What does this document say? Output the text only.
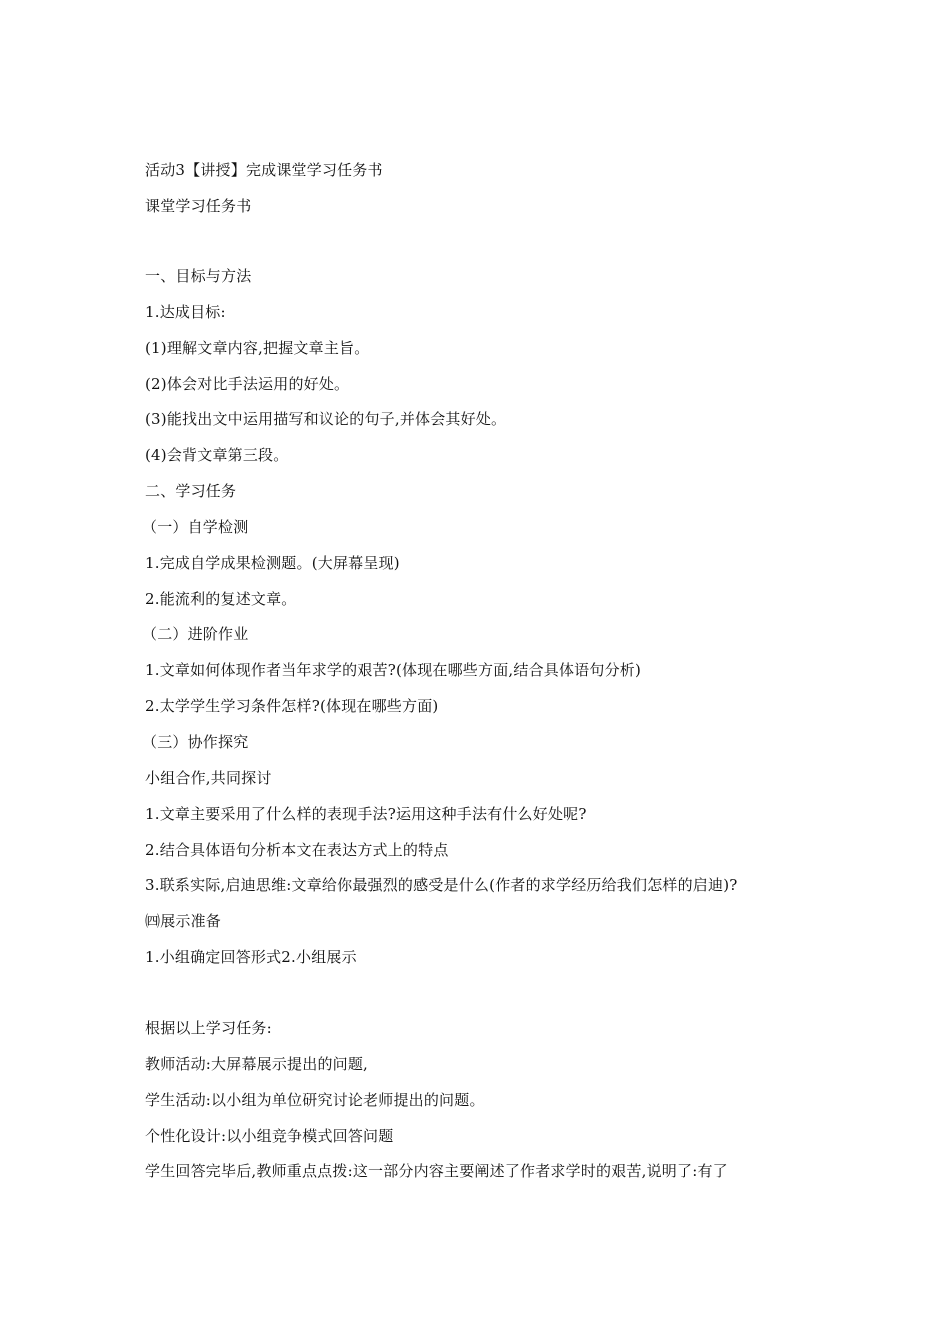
活动3【讲授】完成课堂学习任务书
课堂学习任务书
一、目标与方法
1.达成目标:
(1)理解文章内容,把握文章主旨。
(2)体会对比手法运用的好处。
(3)能找出文中运用描写和议论的句子,并体会其好处。
(4)会背文章第三段。
二、学习任务
（一）自学检测
1.完成自学成果检测题。(大屏幕呈现)
2.能流利的复述文章。
（二）进阶作业
1.文章如何体现作者当年求学的艰苦?(体现在哪些方面,结合具体语句分析)
2.太学学生学习条件怎样?(体现在哪些方面)
（三）协作探究
小组合作,共同探讨
1.文章主要采用了什么样的表现手法?运用这种手法有什么好处呢?
2.结合具体语句分析本文在表达方式上的特点
3.联系实际,启迪思维:文章给你最强烈的感受是什么(作者的求学经历给我们怎样的启迪)?
㈣展示准备
1.小组确定回答形式2.小组展示
根据以上学习任务:
教师活动:大屏幕展示提出的问题,
学生活动:以小组为单位研究讨论老师提出的问题。
个性化设计:以小组竞争模式回答问题
学生回答完毕后,教师重点点拨:这一部分内容主要阐述了作者求学时的艰苦,说明了:有了
